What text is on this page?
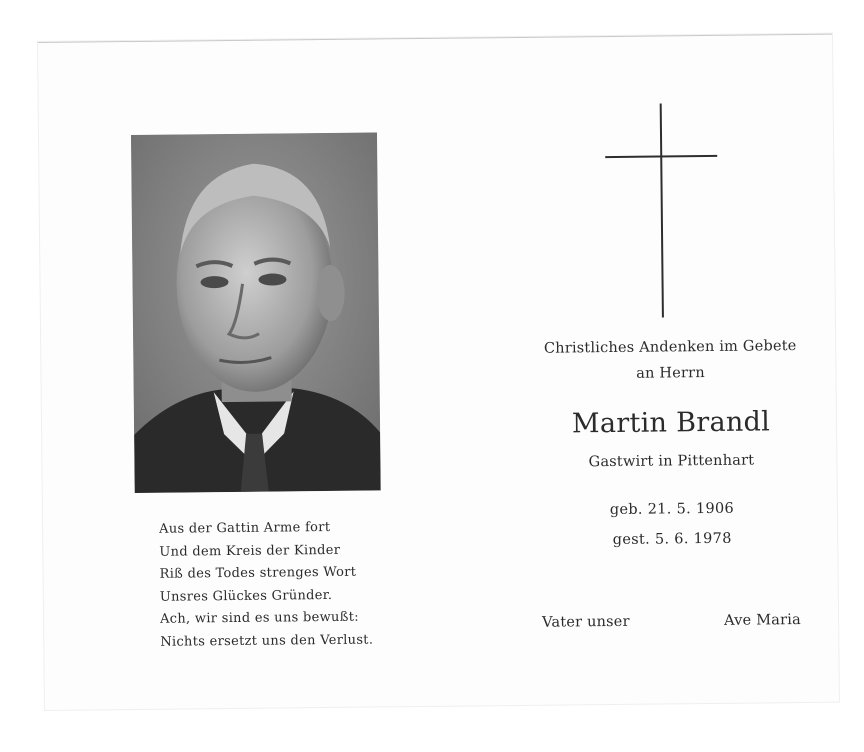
Aus der Gattin Arme fort
Und dem Kreis der Kinder
Riß des Todes strenges Wort
Unsres Glückes Gründer.
Ach, wir sind es uns bewußt:
Nichts ersetzt uns den Verlust.
Christliches Andenken im Gebete
an Herrn
Martin Brandl
Gastwirt in Pittenhart
geb. 21. 5. 1906
gest. 5. 6. 1978
Vater unser	Ave Maria
